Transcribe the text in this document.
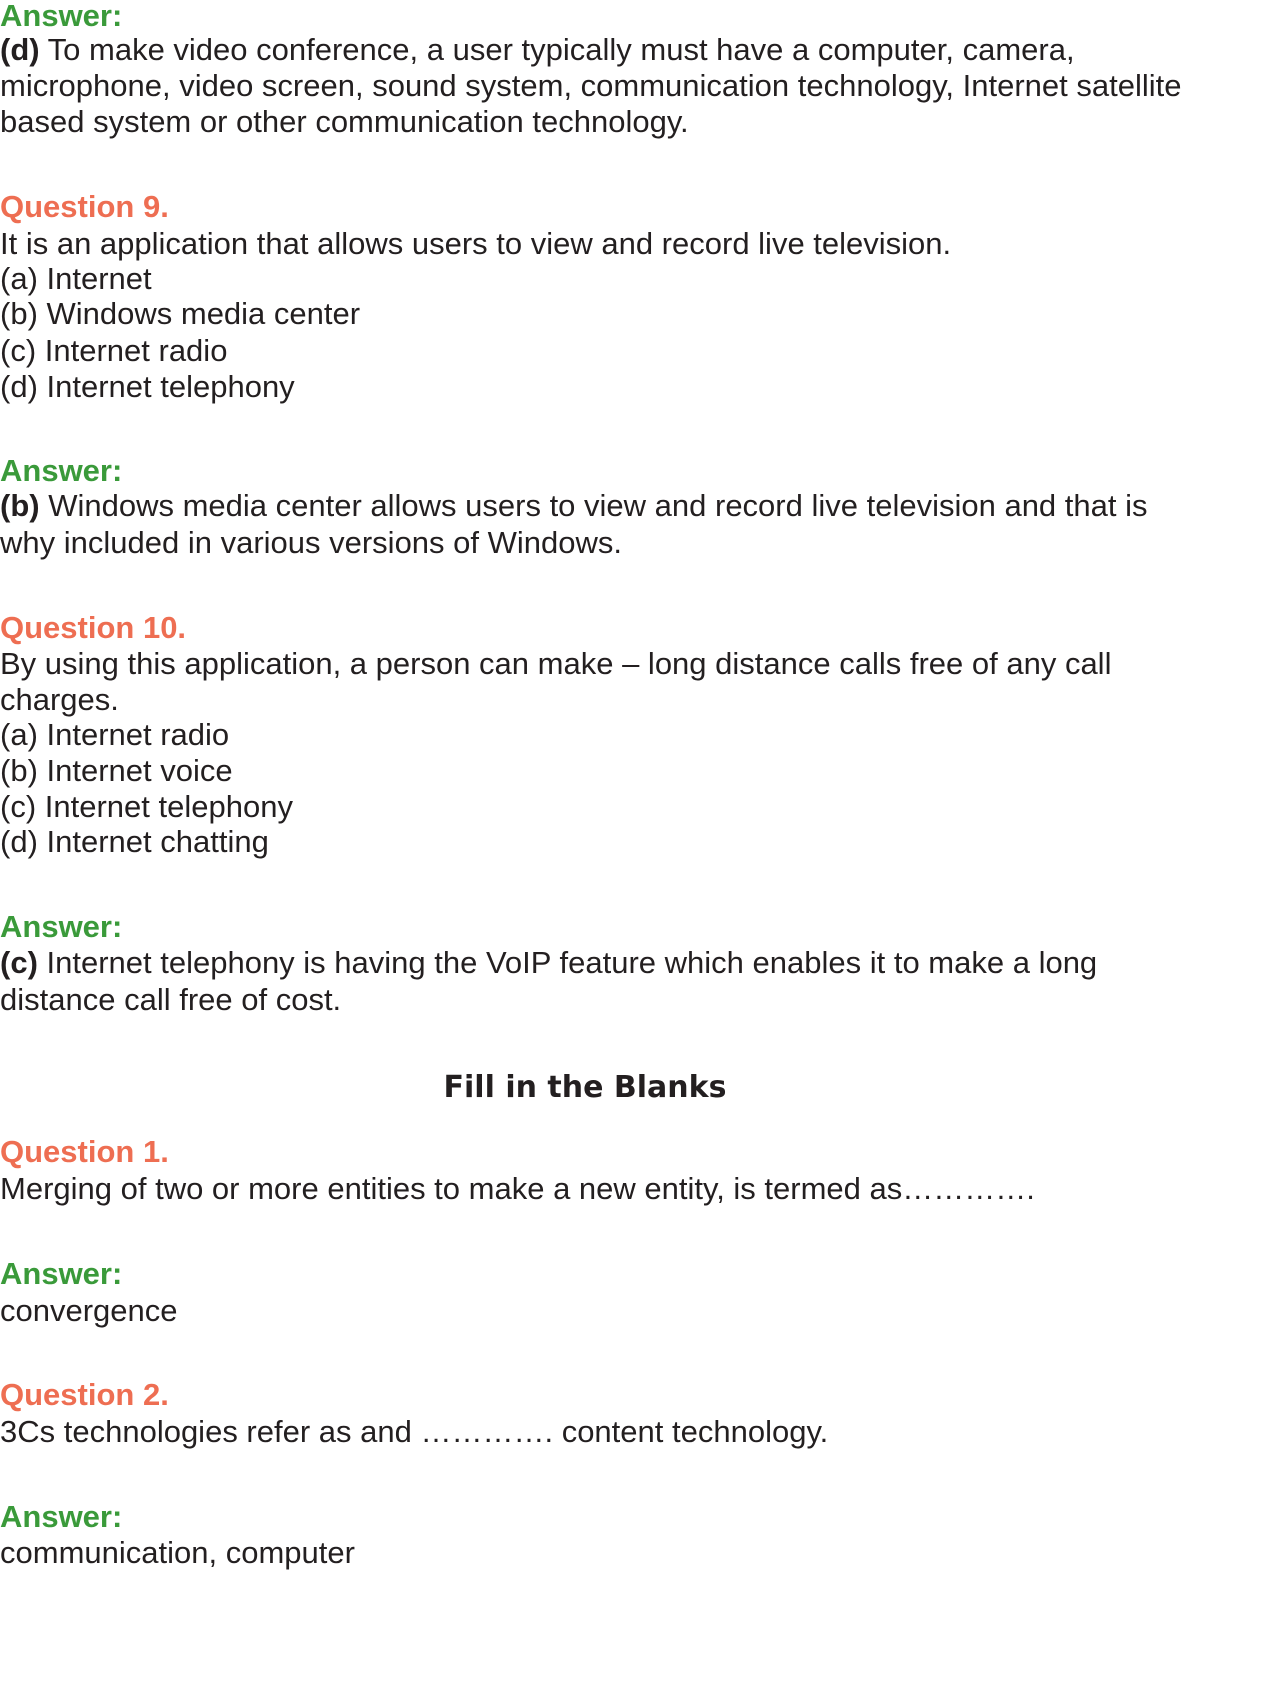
Answer:
(d) To make video conference, a user typically must have a computer, camera,
microphone, video screen, sound system, communication technology, Internet satellite
based system or other communication technology.
Question 9.
It is an application that allows users to view and record live television.
(a) Internet
(b) Windows media center
(c) Internet radio
(d) Internet telephony
Answer:
(b) Windows media center allows users to view and record live television and that is
why included in various versions of Windows.
Question 10.
By using this application, a person can make – long distance calls free of any call
charges.
(a) Internet radio
(b) Internet voice
(c) Internet telephony
(d) Internet chatting
Answer:
(c) Internet telephony is having the VoIP feature which enables it to make a long
distance call free of cost.
Fill in the Blanks
Question 1.
Merging of two or more entities to make a new entity, is termed as………….
Answer:
convergence
Question 2.
3Cs technologies refer as and …………. content technology.
Answer:
communication, computer
